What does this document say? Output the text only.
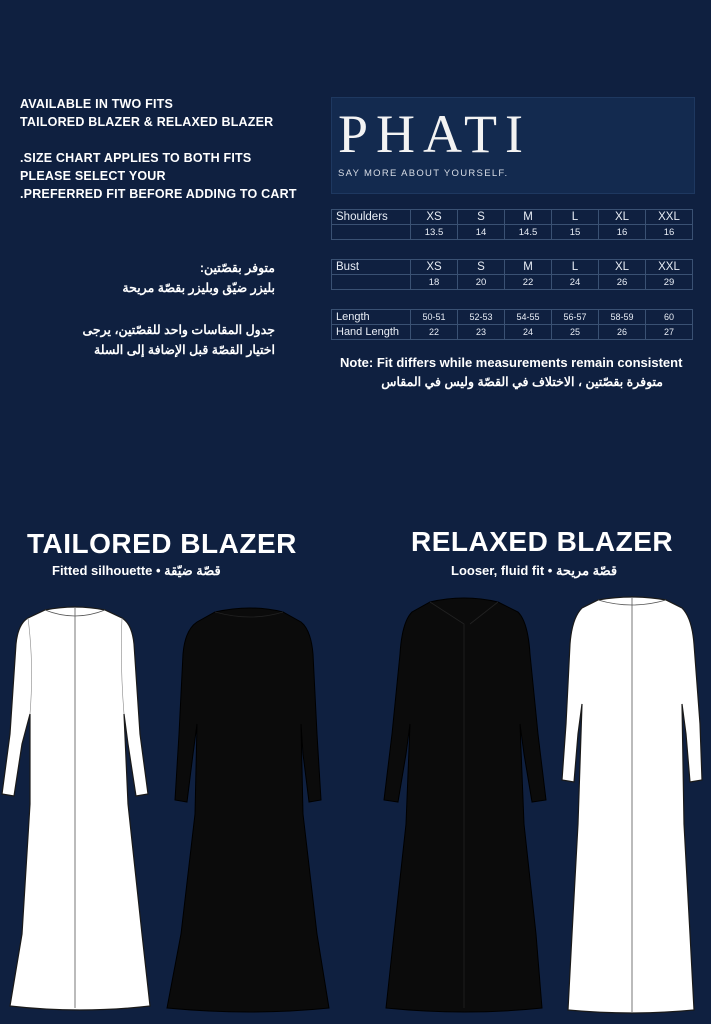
AVAILABLE IN TWO FITS
TAILORED BLAZER & RELAXED BLAZER
.SIZE CHART APPLIES TO BOTH FITS
PLEASE SELECT YOUR
.PREFERRED FIT BEFORE ADDING TO CART
متوفر بقصّتين:
بليزر ضيّق وبليزر بقصّة مريحة
جدول المقاسات واحد للقصّتين، يرجى
اختيار القصّة قبل الإضافة إلى السلة
PHATI
SAY MORE ABOUT YOURSELF.
Shoulders	XS	S	M	L	XL	XXL
	13.5	14	14.5	15	16	16
Bust	XS	S	M	L	XL	XXL
	18	20	22	24	26	29
Length	50-51	52-53	54-55	56-57	58-59	60
Hand Length	22	23	24	25	26	27
Note: Fit differs while measurements remain consistent
متوفرة بقصّتين ، الاختلاف في القصّة وليس في المقاس
TAILORED BLAZER
Fitted silhouette • قصّة ضيّقة
RELAXED BLAZER
Looser, fluid fit • قصّة مريحة
